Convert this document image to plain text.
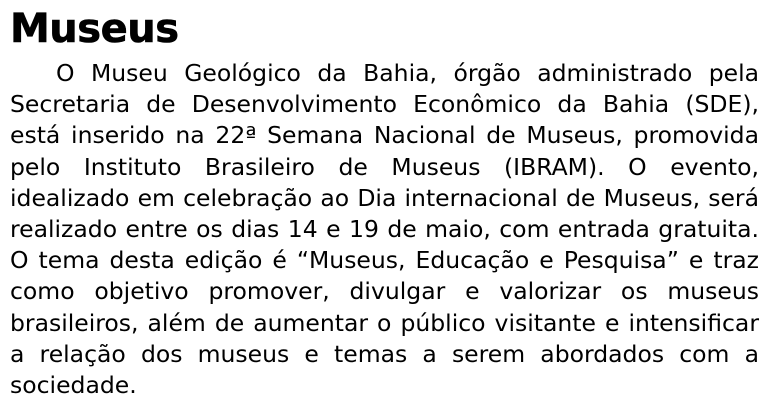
Museus

O Museu Geológico da Bahia, órgão administrado pela Secretaria de Desenvolvimento Econômico da Bahia (SDE), está inserido na 22ª Semana Nacional de Museus, promovida pelo Instituto Brasileiro de Museus (IBRAM). O evento, idealizado em celebração ao Dia internacional de Museus, será realizado entre os dias 14 e 19 de maio, com entrada gratuita. O tema desta edição é “Museus, Educação e Pesquisa” e traz como objetivo promover, divulgar e valorizar os museus brasileiros, além de aumentar o público visitante e intensificar a relação dos museus e temas a serem abordados com a sociedade.
